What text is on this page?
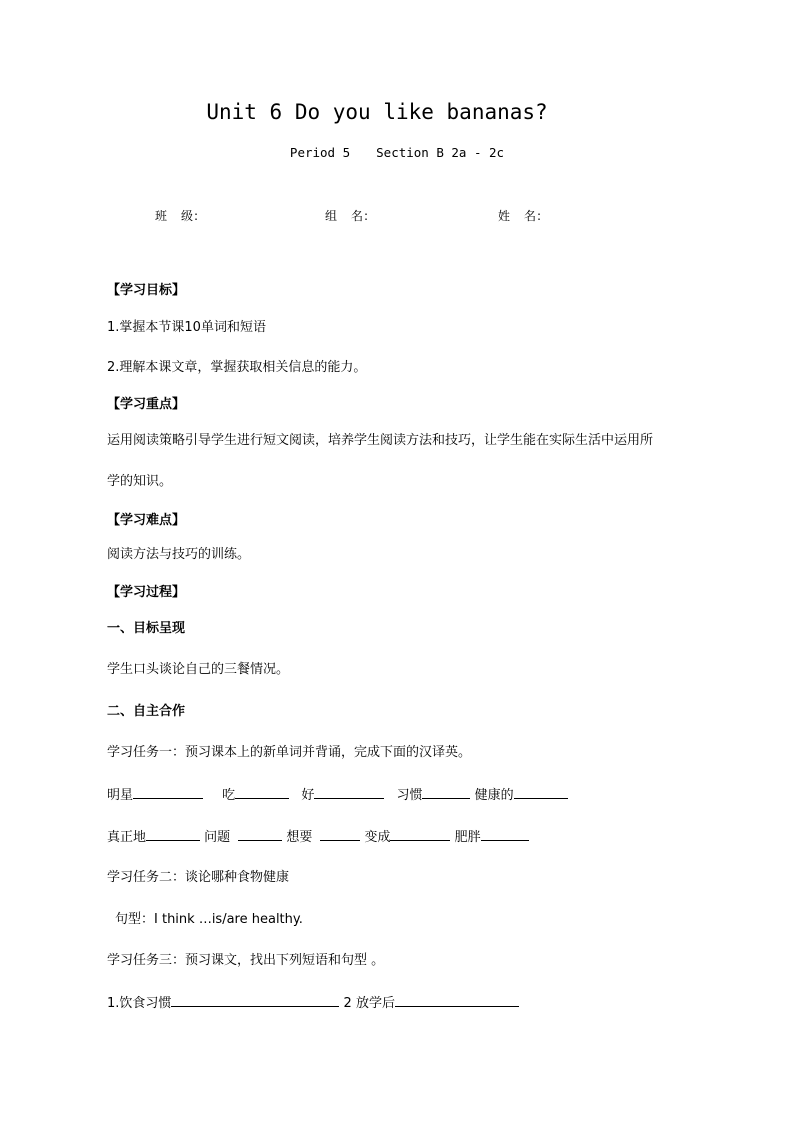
Unit 6 Do you like bananas?
Period 5 Section B 2a - 2c
班　级:	组　名:	姓　名:
【学习目标】
1.掌握本节课10单词和短语
2.理解本课文章，掌握获取相关信息的能力。
【学习重点】
运用阅读策略引导学生进行短文阅读，培养学生阅读方法和技巧，让学生能在实际生活中运用所
学的知识。
【学习难点】
阅读方法与技巧的训练。
【学习过程】
一、目标呈现
学生口头谈论自己的三餐情况。
二、自主合作
学习任务一：预习课本上的新单词并背诵，完成下面的汉译英。
明星	吃	好	习惯	健康的
真正地	问题	想要	变成	肥胖
学习任务二：谈论哪种食物健康
句型：I think …is/are healthy.
学习任务三：预习课文，找出下列短语和句型 。
1.饮食习惯	2 放学后
